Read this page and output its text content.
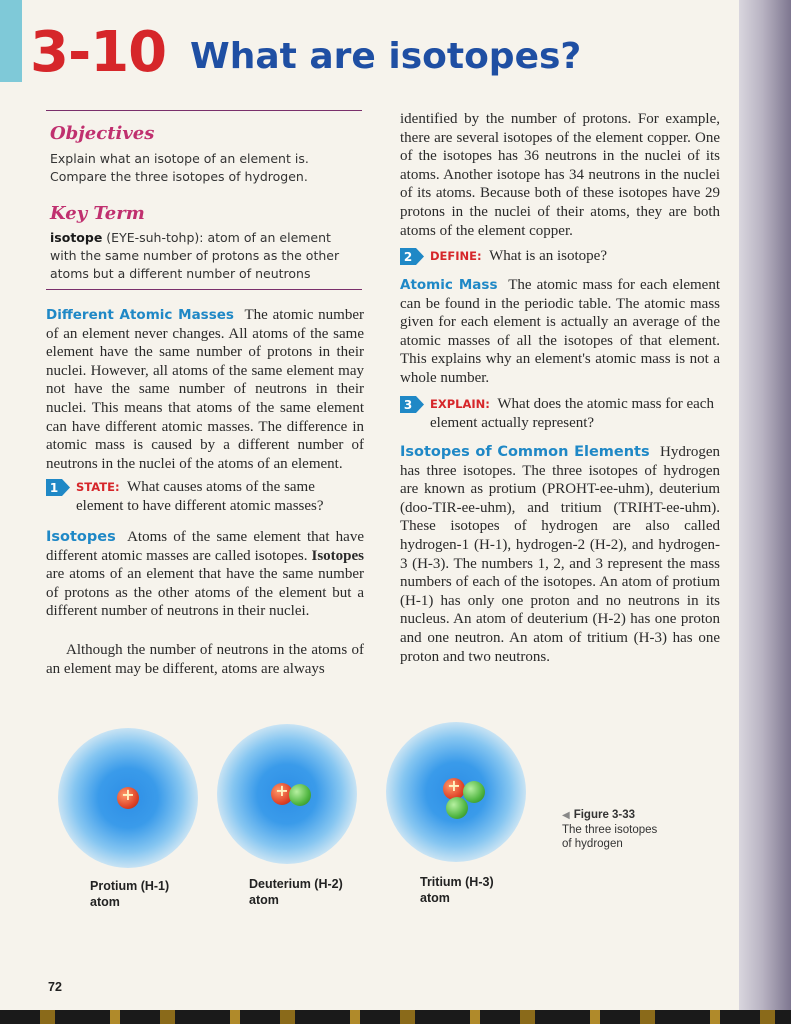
3-10 What are isotopes?
Objectives
Explain what an isotope of an element is.
Compare the three isotopes of hydrogen.
Key Term
isotope (EYE-suh-tohp): atom of an element with the same number of protons as the other atoms but a different number of neutrons
Different Atomic Masses The atomic number of an element never changes. All atoms of the same element have the same number of protons in their nuclei. However, all atoms of the same element may not have the same number of neutrons in their nuclei. This means that atoms of the same element can have different atomic masses. The difference in atomic mass is caused by a different number of neutrons in the nuclei of the atoms of an element.
1 STATE: What causes atoms of the same element to have different atomic masses?
Isotopes Atoms of the same element that have different atomic masses are called isotopes. Isotopes are atoms of an element that have the same number of protons as the other atoms of the element but a different number of neutrons in their nuclei.
Although the number of neutrons in the atoms of an element may be different, atoms are always
identified by the number of protons. For example, there are several isotopes of the element copper. One of the isotopes has 36 neutrons in the nuclei of its atoms. Another isotope has 34 neutrons in the nuclei of its atoms. Because both of these isotopes have 29 protons in the nuclei of their atoms, they are both atoms of the element copper.
2 DEFINE: What is an isotope?
Atomic Mass The atomic mass for each element can be found in the periodic table. The atomic mass given for each element is actually an average of the atomic masses of all the isotopes of that element. This explains why an element's atomic mass is not a whole number.
3 EXPLAIN: What does the atomic mass for each element actually represent?
Isotopes of Common Elements Hydrogen has three isotopes. The three isotopes of hydrogen are known as protium (PROHT-ee-uhm), deuterium (doo-TIR-ee-uhm), and tritium (TRIHT-ee-uhm). These isotopes of hydrogen are also called hydrogen-1 (H-1), hydrogen-2 (H-2), and hydrogen-3 (H-3). The numbers 1, 2, and 3 represent the mass numbers of each of the isotopes. An atom of protium (H-1) has only one proton and no neutrons in its nucleus. An atom of deuterium (H-2) has one proton and one neutron. An atom of tritium (H-3) has one proton and two neutrons.
+
+
+
Protium (H-1)
atom
Deuterium (H-2)
atom
Tritium (H-3)
atom
◀ Figure 3-33
The three isotopes
of hydrogen
72
